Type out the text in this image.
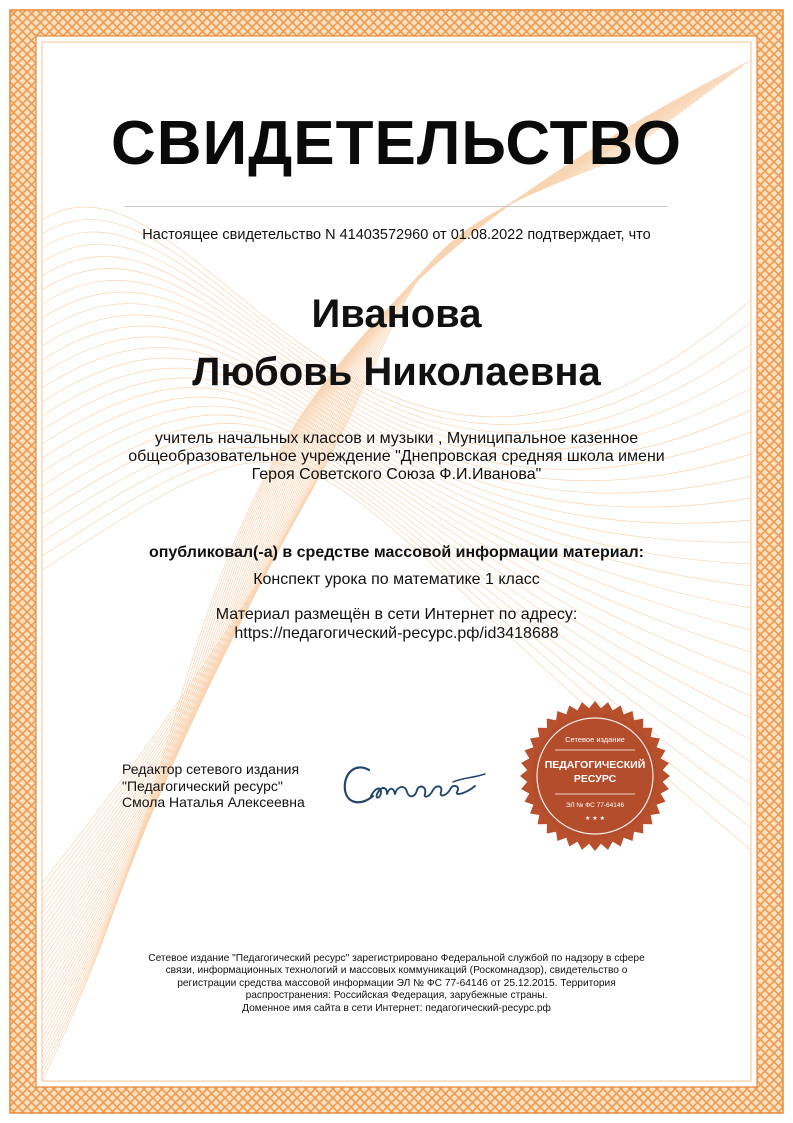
СВИДЕТЕЛЬСТВО
Настоящее свидетельство N 41403572960 от 01.08.2022 подтверждает, что
Иванова
Любовь Николаевна
учитель начальных классов и музыки , Муниципальное казенное
общеобразовательное учреждение "Днепровская средняя школа имени
Героя Советского Союза Ф.И.Иванова"
опубликовал(-а) в средстве массовой информации материал:
Конспект урока по математике 1 класс
Материал размещён в сети Интернет по адресу:
https://педагогический-ресурс.рф/id3418688
Редактор сетевого издания
"Педагогический ресурс"
Смола Наталья Алексеевна
Сетевое издание
ПЕДАГОГИЧЕСКИЙ
РЕСУРС
ЭЛ № ФС 77-64146
★ ★ ★
Сетевое издание "Педагогический ресурс" зарегистрировано Федеральной службой по надзору в сфере
связи, информационных технологий и массовых коммуникаций (Роскомнадзор), свидетельство о
регистрации средства массовой информации ЭЛ № ФС 77-64146 от 25.12.2015. Территория
распространения: Российская Федерация, зарубежные страны.
Доменное имя сайта в сети Интернет: педагогический-ресурс.рф
